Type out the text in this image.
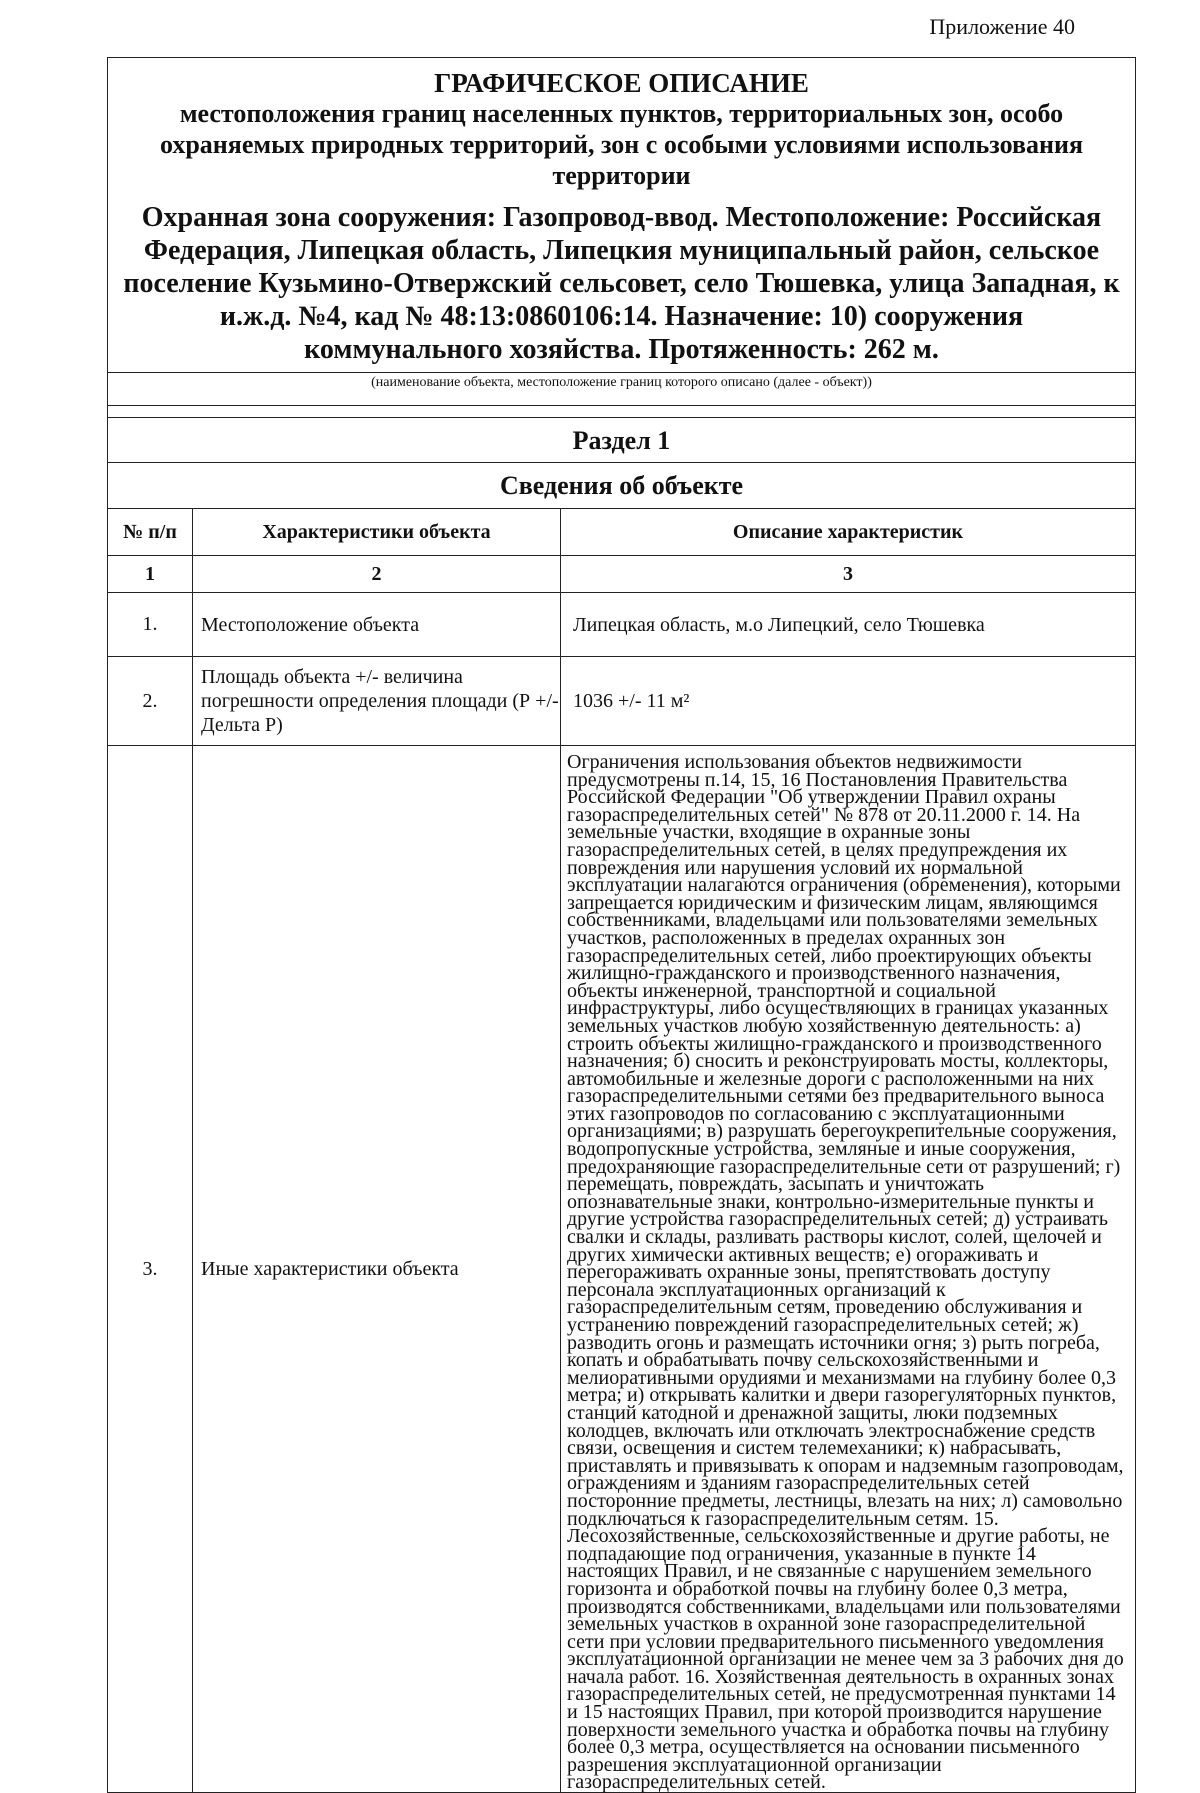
Приложение 40
ГРАФИЧЕСКОЕ ОПИСАНИЕ
местоположения границ населенных пунктов, территориальных зон, особо охраняемых природных территорий, зон с особыми условиями использования территории
Охранная зона сооружения: Газопровод-ввод. Местоположение: Российская Федерация, Липецкая область, Липецкия муниципальный район, сельское поселение Кузьмино-Отвержский сельсовет, село Тюшевка, улица Западная, к и.ж.д. №4, кад № 48:13:0860106:14. Назначение: 10) сооружения коммунального хозяйства. Протяженность: 262 м.
(наименование объекта, местоположение границ которого описано (далее - объект))
Раздел 1
Сведения об объекте
№ п/п	Характеристики объекта	Описание характеристик
1	2	3
1.	Местоположение объекта	Липецкая область, м.о Липецкий, село Тюшевка
2.	Площадь объекта +/- величина погрешности определения площади (Р +/- Дельта Р)	1036 +/- 11 м²
3.	Иные характеристики объекта	Ограничения использования объектов недвижимости предусмотрены п.14, 15, 16 Постановления Правительства Российской Федерации "Об утверждении Правил охраны газораспределительных сетей" № 878 от 20.11.2000 г. 14. На земельные участки, входящие в охранные зоны газораспределительных сетей, в целях предупреждения их повреждения или нарушения условий их нормальной эксплуатации налагаются ограничения (обременения), которыми запрещается юридическим и физическим лицам, являющимся собственниками, владельцами или пользователями земельных участков, расположенных в пределах охранных зон газораспределительных сетей, либо проектирующих объекты жилищно-гражданского и производственного назначения, объекты инженерной, транспортной и социальной инфраструктуры, либо осуществляющих в границах указанных земельных участков любую хозяйственную деятельность: а) строить объекты жилищно-гражданского и производственного назначения; б) сносить и реконструировать мосты, коллекторы, автомобильные и железные дороги с расположенными на них газораспределительными сетями без предварительного выноса этих газопроводов по согласованию с эксплуатационными организациями; в) разрушать берегоукрепительные сооружения, водопропускные устройства, земляные и иные сооружения, предохраняющие газораспределительные сети от разрушений; г) перемещать, повреждать, засыпать и уничтожать опознавательные знаки, контрольно-измерительные пункты и другие устройства газораспределительных сетей; д) устраивать свалки и склады, разливать растворы кислот, солей, щелочей и других химически активных веществ; е) огораживать и перегораживать охранные зоны, препятствовать доступу персонала эксплуатационных организаций к газораспределительным сетям, проведению обслуживания и устранению повреждений газораспределительных сетей; ж) разводить огонь и размещать источники огня; з) рыть погреба, копать и обрабатывать почву сельскохозяйственными и мелиоративными орудиями и механизмами на глубину более 0,3 метра; и) открывать калитки и двери газорегуляторных пунктов, станций катодной и дренажной защиты, люки подземных колодцев, включать или отключать электроснабжение средств связи, освещения и систем телемеханики; к) набрасывать, приставлять и привязывать к опорам и надземным газопроводам, ограждениям и зданиям газораспределительных сетей посторонние предметы, лестницы, влезать на них; л) самовольно подключаться к газораспределительным сетям. 15. Лесохозяйственные, сельскохозяйственные и другие работы, не подпадающие под ограничения, указанные в пункте 14 настоящих Правил, и не связанные с нарушением земельного горизонта и обработкой почвы на глубину более 0,3 метра, производятся собственниками, владельцами или пользователями земельных участков в охранной зоне газораспределительной сети при условии предварительного письменного уведомления эксплуатационной организации не менее чем за 3 рабочих дня до начала работ. 16. Хозяйственная деятельность в охранных зонах газораспределительных сетей, не предусмотренная пунктами 14 и 15 настоящих Правил, при которой производится нарушение поверхности земельного участка и обработка почвы на глубину более 0,3 метра, осуществляется на основании письменного разрешения эксплуатационной организации газораспределительных сетей.
